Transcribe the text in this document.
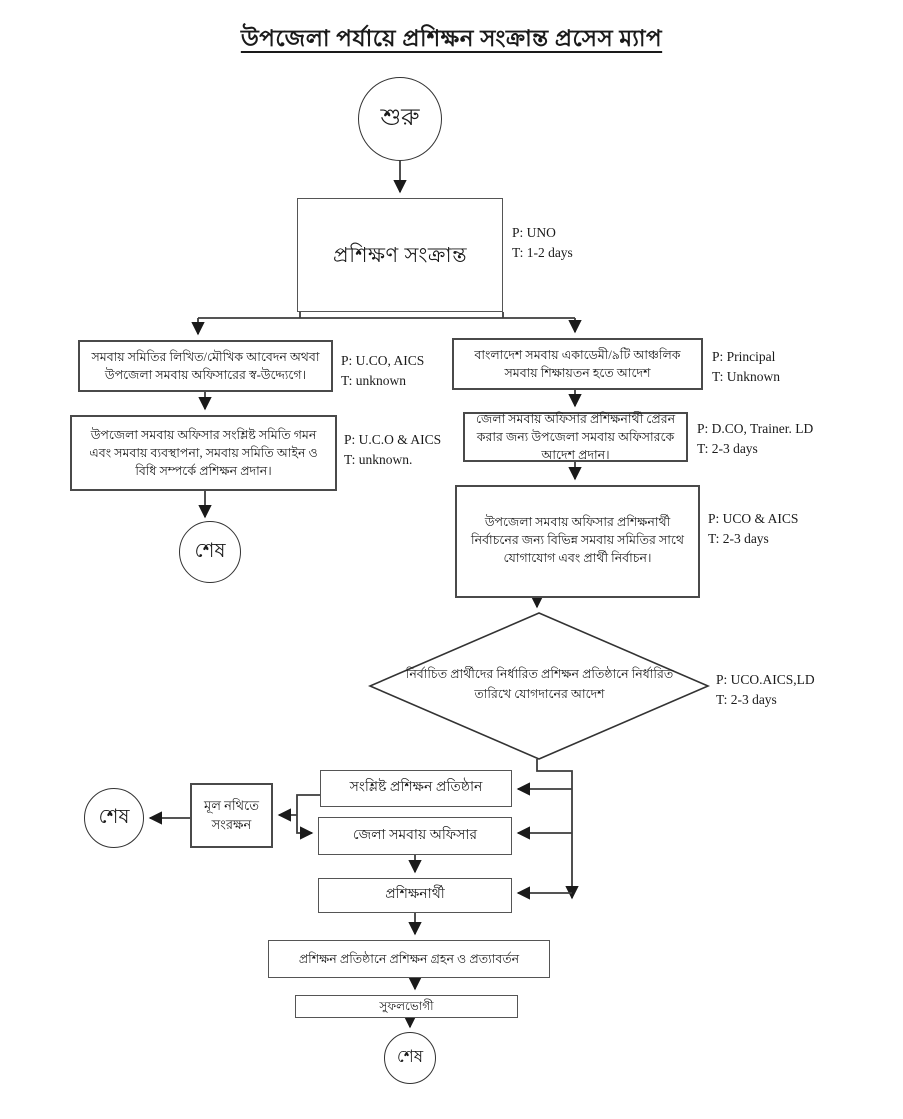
উপজেলা পর্যায়ে প্রশিক্ষন সংক্রান্ত প্রসেস ম্যাপ
শুরু
প্রশিক্ষণ সংক্রান্ত
P: UNO
T: 1-2 days
সমবায় সমিতির লিখিত/মৌখিক আবেদন অথবা উপজেলা সমবায় অফিসারের স্ব-উদ্দ্যেগে।
P: U.CO, AICS
T: unknown
উপজেলা সমবায় অফিসার সংশ্লিষ্ট সমিতি গমন এবং সমবায় ব্যবস্থাপনা, সমবায় সমিতি আইন ও বিধি সম্পর্কে প্রশিক্ষন প্রদান।
P: U.C.O & AICS
T: unknown.
শেষ
বাংলাদেশ সমবায় একাডেমী/৯টি আঞ্চলিক সমবায় শিক্ষায়তন হতে আদেশ
P: Principal
T: Unknown
জেলা সমবায় অফিসার প্রশিক্ষনার্থী প্রেরন করার জন্য উপজেলা সমবায় অফিসারকে আদেশ প্রদান।
P: D.CO, Trainer. LD
T: 2-3 days
উপজেলা সমবায় অফিসার প্রশিক্ষনার্থী নির্বাচনের জন্য বিভিন্ন সমবায় সমিতির সাথে যোগাযোগ এবং প্রার্থী নির্বাচন।
P: UCO & AICS
T: 2-3 days
নির্বাচিত প্রার্থীদের নির্ধারিত প্রশিক্ষন প্রতিষ্ঠানে নির্ধারিত তারিখে যোগদানের আদেশ
P: UCO.AICS,LD
T: 2-3 days
সংশ্লিষ্ট প্রশিক্ষন প্রতিষ্ঠান
জেলা সমবায় অফিসার
মূল নথিতে সংরক্ষন
শেষ
প্রশিক্ষনার্থী
প্রশিক্ষন প্রতিষ্ঠানে প্রশিক্ষন গ্রহন ও প্রত্যাবর্তন
সুফলভোগী
শেষ
